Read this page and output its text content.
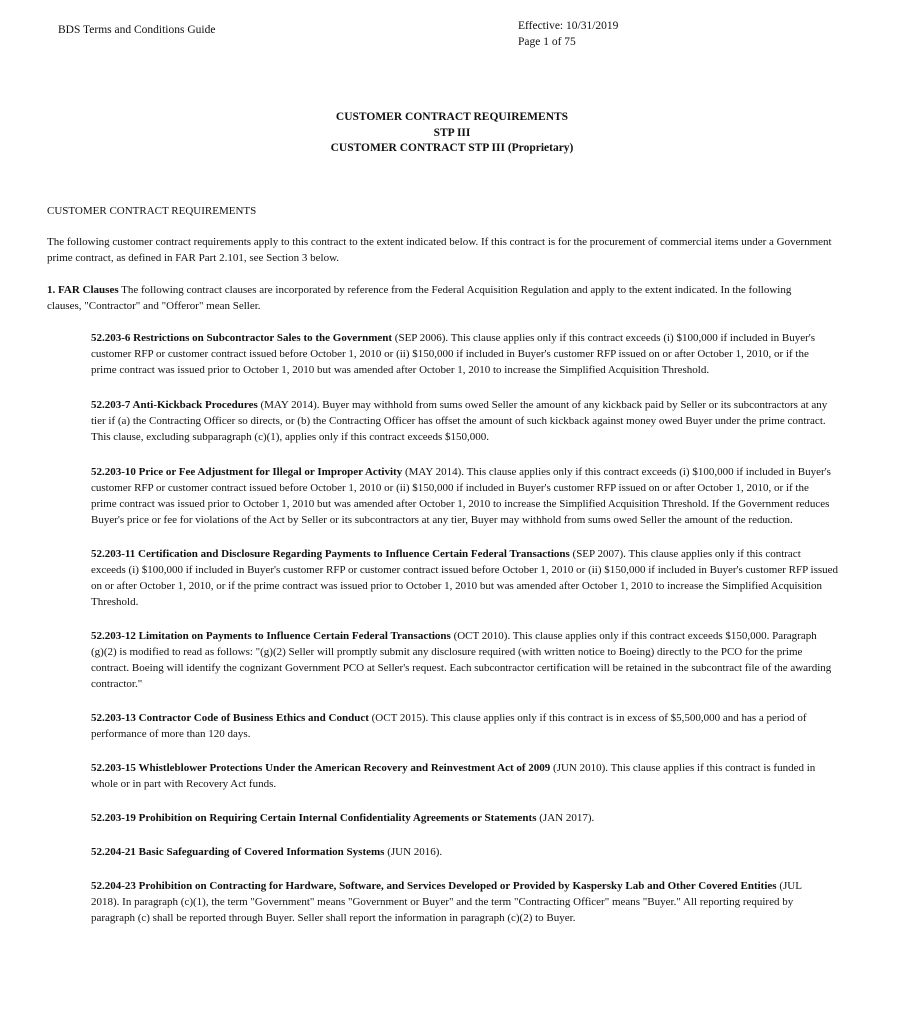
BDS Terms and Conditions Guide	Effective: 10/31/2019
Page 1 of 75
CUSTOMER CONTRACT REQUIREMENTS
STP III
CUSTOMER CONTRACT STP III (Proprietary)
CUSTOMER CONTRACT REQUIREMENTS
The following customer contract requirements apply to this contract to the extent indicated below. If this contract is for the procurement of commercial items under a Government
prime contract, as defined in FAR Part 2.101, see Section 3 below.
1. FAR Clauses The following contract clauses are incorporated by reference from the Federal Acquisition Regulation and apply to the extent indicated. In the following
clauses, "Contractor" and "Offeror" mean Seller.
52.203-6 Restrictions on Subcontractor Sales to the Government (SEP 2006). This clause applies only if this contract exceeds (i) $100,000 if included in Buyer's
customer RFP or customer contract issued before October 1, 2010 or (ii) $150,000 if included in Buyer's customer RFP issued on or after October 1, 2010, or if the
prime contract was issued prior to October 1, 2010 but was amended after October 1, 2010 to increase the Simplified Acquisition Threshold.
52.203-7 Anti-Kickback Procedures (MAY 2014). Buyer may withhold from sums owed Seller the amount of any kickback paid by Seller or its subcontractors at any
tier if (a) the Contracting Officer so directs, or (b) the Contracting Officer has offset the amount of such kickback against money owed Buyer under the prime contract.
This clause, excluding subparagraph (c)(1), applies only if this contract exceeds $150,000.
52.203-10 Price or Fee Adjustment for Illegal or Improper Activity (MAY 2014). This clause applies only if this contract exceeds (i) $100,000 if included in Buyer's
customer RFP or customer contract issued before October 1, 2010 or (ii) $150,000 if included in Buyer's customer RFP issued on or after October 1, 2010, or if the
prime contract was issued prior to October 1, 2010 but was amended after October 1, 2010 to increase the Simplified Acquisition Threshold. If the Government reduces
Buyer's price or fee for violations of the Act by Seller or its subcontractors at any tier, Buyer may withhold from sums owed Seller the amount of the reduction.
52.203-11 Certification and Disclosure Regarding Payments to Influence Certain Federal Transactions (SEP 2007). This clause applies only if this contract
exceeds (i) $100,000 if included in Buyer's customer RFP or customer contract issued before October 1, 2010 or (ii) $150,000 if included in Buyer's customer RFP issued
on or after October 1, 2010, or if the prime contract was issued prior to October 1, 2010 but was amended after October 1, 2010 to increase the Simplified Acquisition
Threshold.
52.203-12 Limitation on Payments to Influence Certain Federal Transactions (OCT 2010). This clause applies only if this contract exceeds $150,000. Paragraph
(g)(2) is modified to read as follows: "(g)(2) Seller will promptly submit any disclosure required (with written notice to Boeing) directly to the PCO for the prime
contract. Boeing will identify the cognizant Government PCO at Seller's request. Each subcontractor certification will be retained in the subcontract file of the awarding
contractor."
52.203-13 Contractor Code of Business Ethics and Conduct (OCT 2015). This clause applies only if this contract is in excess of $5,500,000 and has a period of
performance of more than 120 days.
52.203-15 Whistleblower Protections Under the American Recovery and Reinvestment Act of 2009 (JUN 2010). This clause applies if this contract is funded in
whole or in part with Recovery Act funds.
52.203-19 Prohibition on Requiring Certain Internal Confidentiality Agreements or Statements (JAN 2017).
52.204-21 Basic Safeguarding of Covered Information Systems (JUN 2016).
52.204-23 Prohibition on Contracting for Hardware, Software, and Services Developed or Provided by Kaspersky Lab and Other Covered Entities (JUL
2018). In paragraph (c)(1), the term "Government" means "Government or Buyer" and the term "Contracting Officer" means "Buyer." All reporting required by
paragraph (c) shall be reported through Buyer. Seller shall report the information in paragraph (c)(2) to Buyer.
